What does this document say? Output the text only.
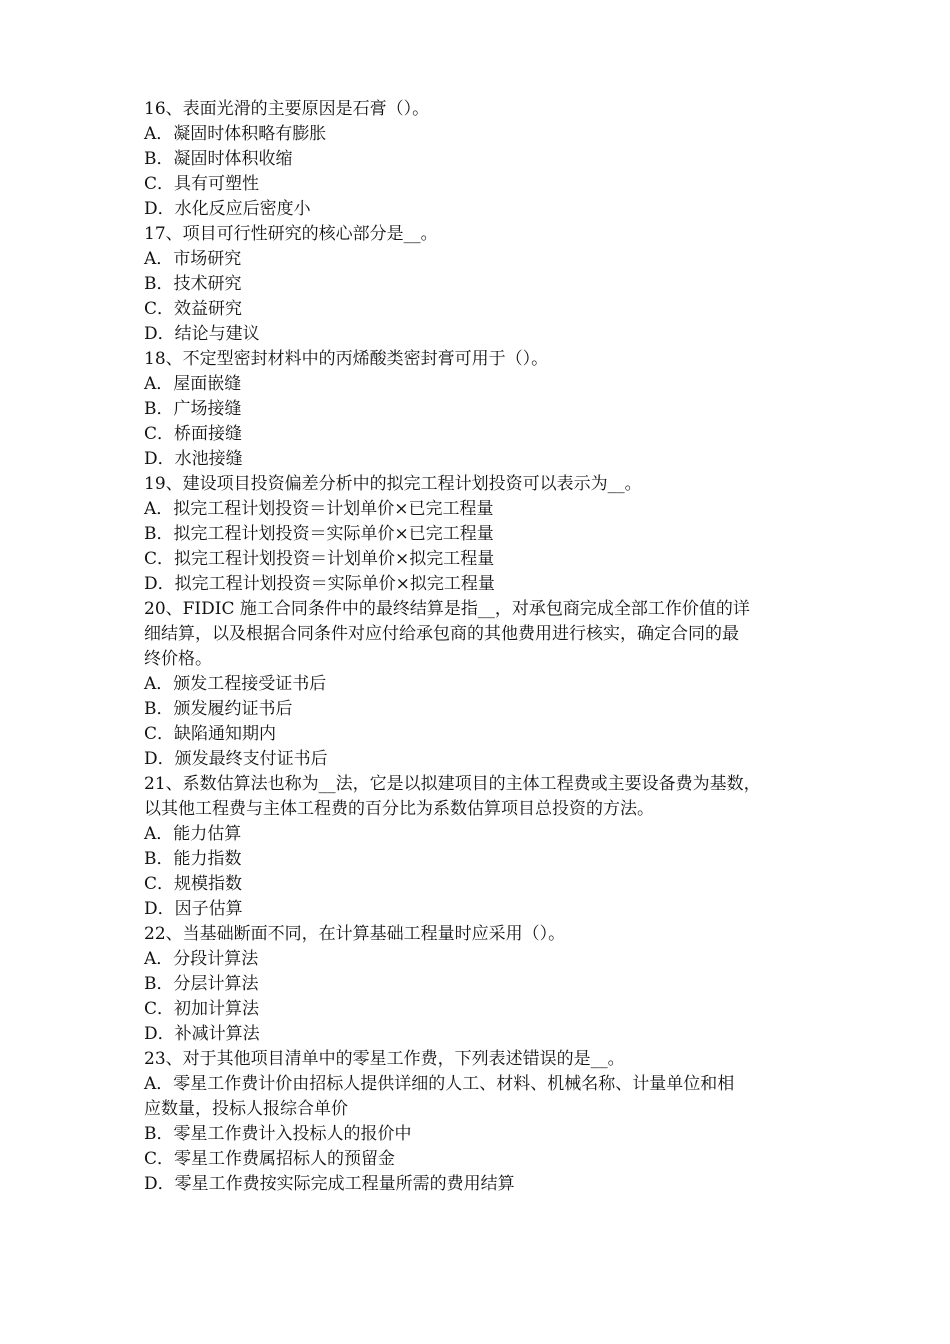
16、表面光滑的主要原因是石膏（）。
A．凝固时体积略有膨胀
B．凝固时体积收缩
C．具有可塑性
D．水化反应后密度小
17、项目可行性研究的核心部分是__。
A．市场研究
B．技术研究
C．效益研究
D．结论与建议
18、不定型密封材料中的丙烯酸类密封膏可用于（）。
A．屋面嵌缝
B．广场接缝
C．桥面接缝
D．水池接缝
19、建设项目投资偏差分析中的拟完工程计划投资可以表示为__。
A．拟完工程计划投资＝计划单价×已完工程量
B．拟完工程计划投资＝实际单价×已完工程量
C．拟完工程计划投资＝计划单价×拟完工程量
D．拟完工程计划投资＝实际单价×拟完工程量
20、FIDIC 施工合同条件中的最终结算是指__，对承包商完成全部工作价值的详
细结算，以及根据合同条件对应付给承包商的其他费用进行核实，确定合同的最
终价格。
A．颁发工程接受证书后
B．颁发履约证书后
C．缺陷通知期内
D．颁发最终支付证书后
21、系数估算法也称为__法，它是以拟建项目的主体工程费或主要设备费为基数，
以其他工程费与主体工程费的百分比为系数估算项目总投资的方法。
A．能力估算
B．能力指数
C．规模指数
D．因子估算
22、当基础断面不同，在计算基础工程量时应采用（）。
A．分段计算法
B．分层计算法
C．初加计算法
D．补减计算法
23、对于其他项目清单中的零星工作费，下列表述错误的是__。
A．零星工作费计价由招标人提供详细的人工、材料、机械名称、计量单位和相
应数量，投标人报综合单价
B．零星工作费计入投标人的报价中
C．零星工作费属招标人的预留金
D．零星工作费按实际完成工程量所需的费用结算
